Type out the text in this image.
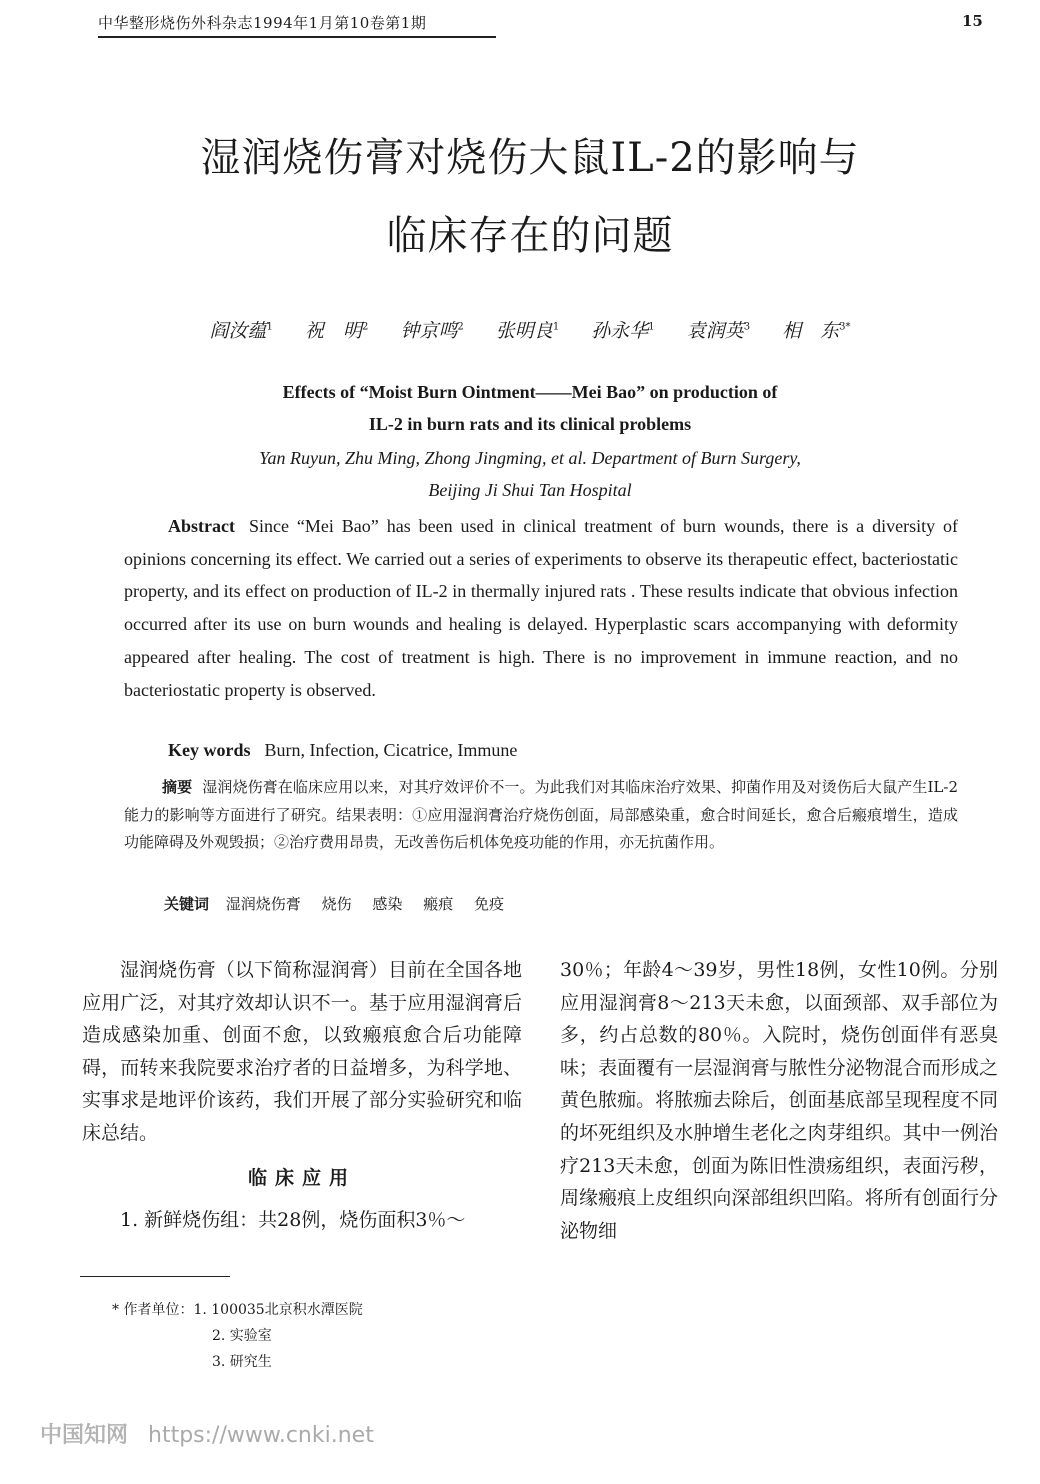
中华整形烧伤外科杂志1994年1月第10卷第1期	15
湿润烧伤膏对烧伤大鼠IL-2的影响与
临床存在的问题
阎汝蕴$^1$ 祝　明$^2$ 钟京鸣$^2$ 张明良$^1$ 孙永华$^1$ 袁润英$^3$ 相　东$^{3*}$
Effects of “Moist Burn Ointment——Mei Bao” on production of
IL-2 in burn rats and its clinical problems
Yan Ruyun, Zhu Ming, Zhong Jingming, et al. Department of Burn Surgery,
Beijing Ji Shui Tan Hospital
Abstract Since “Mei Bao” has been used in clinical treatment of burn wounds, there is a diversity of opinions concerning its effect. We carried out a series of experiments to observe its therapeutic effect, bacteriostatic property, and its effect on production of IL-2 in thermally injured rats . These results indicate that obvious infection occurred after its use on burn wounds and healing is delayed. Hyperplastic scars accompanying with deformity appeared after healing. The cost of treatment is high. There is no improvement in immune reaction, and no bacteriostatic property is observed.
Key words Burn, Infection, Cicatrice, Immune
摘要 湿润烧伤膏在临床应用以来，对其疗效评价不一。为此我们对其临床治疗效果、抑菌作用及对烫伤后大鼠产生IL-2能力的影响等方面进行了研究。结果表明：①应用湿润膏治疗烧伤创面，局部感染重，愈合时间延长，愈合后瘢痕增生，造成功能障碍及外观毁损；②治疗费用昂贵，无改善伤后机体免疫功能的作用，亦无抗菌作用。
关键词 湿润烧伤膏 烧伤 感染 瘢痕 免疫
湿润烧伤膏（以下简称湿润膏）目前在全国各地应用广泛，对其疗效却认识不一。基于应用湿润膏后造成感染加重、创面不愈，以致瘢痕愈合后功能障碍，而转来我院要求治疗者的日益增多，为科学地、实事求是地评价该药，我们开展了部分实验研究和临床总结。
临床应用
1. 新鲜烧伤组：共28例，烧伤面积3％～
30％；年龄4～39岁，男性18例，女性10例。分别应用湿润膏8～213天未愈，以面颈部、双手部位为多，约占总数的80％。入院时，烧伤创面伴有恶臭味；表面覆有一层湿润膏与脓性分泌物混合而形成之黄色脓痂。将脓痂去除后，创面基底部呈现程度不同的坏死组织及水肿增生老化之肉芽组织。其中一例治疗213天未愈，创面为陈旧性溃疡组织，表面污秽，周缘瘢痕上皮组织向深部组织凹陷。将所有创面行分泌物细
* 作者单位：1. 100035北京积水潭医院
2. 实验室
3. 研究生
中国知网 https://www.cnki.net
